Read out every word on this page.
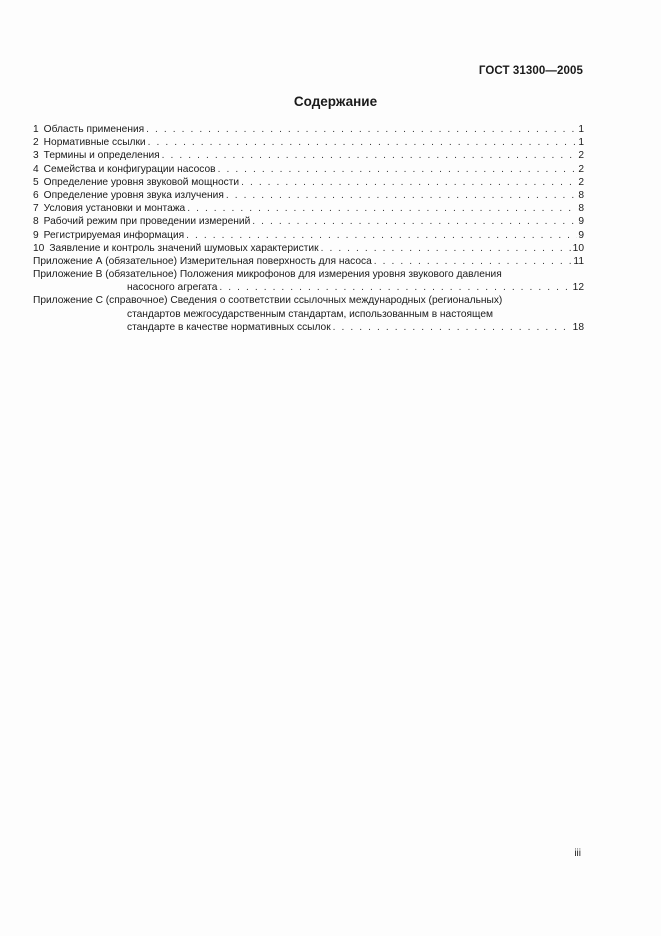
ГОСТ 31300—2005
Содержание
1 Область применения . . .	1
2 Нормативные ссылки . . .	1
3 Термины и определения . . .	2
4 Семейства и конфигурации насосов . . .	2
5 Определение уровня звуковой мощности . . .	2
6 Определение уровня звука излучения . . .	8
7 Условия установки и монтажа . . .	8
8 Рабочий режим при проведении измерений . . .	9
9 Регистрируемая информация . . .	9
10 Заявление и контроль значений шумовых характеристик . . .	10
Приложение А (обязательное) Измерительная поверхность для насоса . . .	11
Приложение В (обязательное) Положения микрофонов для измерения уровня звукового давления
насосного агрегата . . .	12
Приложение С (справочное) Сведения о соответствии ссылочных международных (региональных)
стандартов межгосударственным стандартам, использованным в настоящем
стандарте в качестве нормативных ссылок . . .	18
iii
